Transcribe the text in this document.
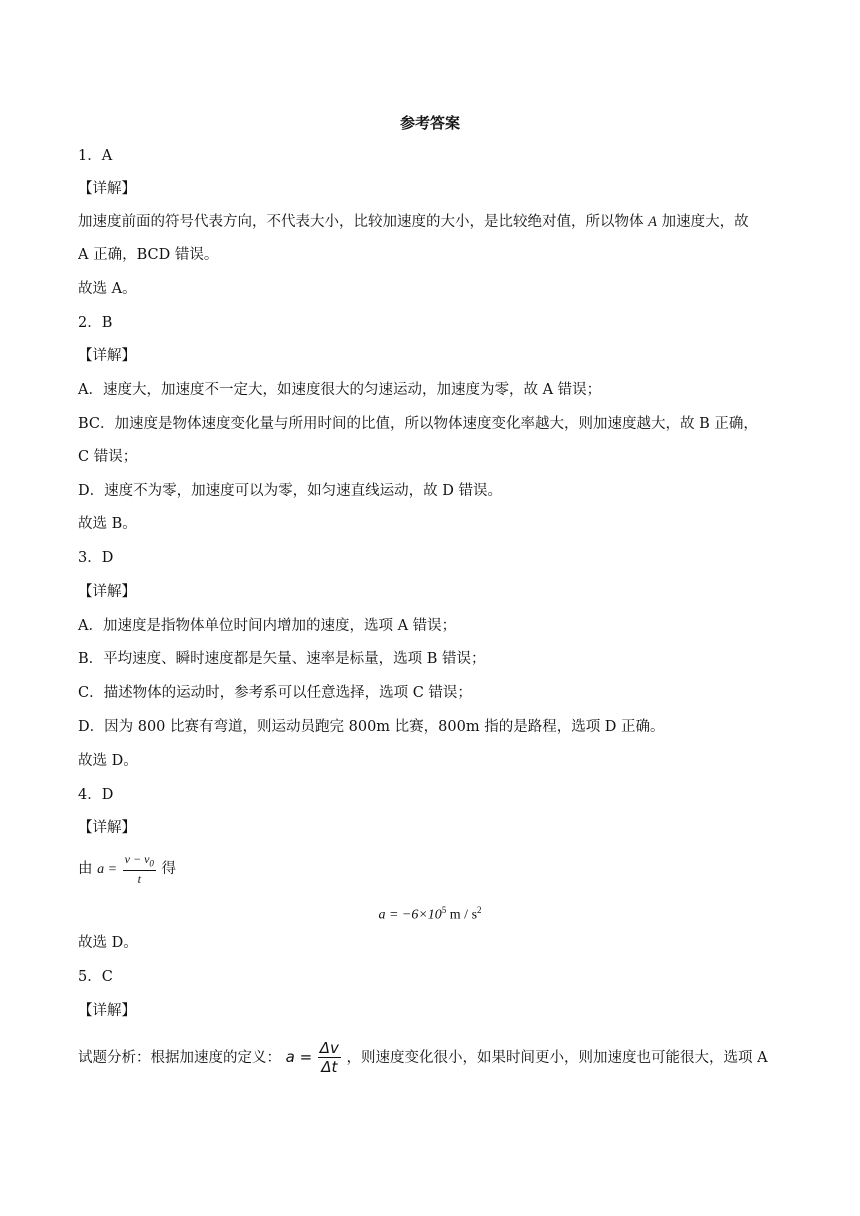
参考答案
1．A
【详解】
加速度前面的符号代表方向，不代表大小，比较加速度的大小，是比较绝对值，所以物体 A 加速度大，故
A 正确，BCD 错误。
故选 A。
2．B
【详解】
A．速度大，加速度不一定大，如速度很大的匀速运动，加速度为零，故 A 错误；
BC．加速度是物体速度变化量与所用时间的比值，所以物体速度变化率越大，则加速度越大，故 B 正确，
C 错误；
D．速度不为零，加速度可以为零，如匀速直线运动，故 D 错误。
故选 B。
3．D
【详解】
A．加速度是指物体单位时间内增加的速度，选项 A 错误；
B．平均速度、瞬时速度都是矢量、速率是标量，选项 B 错误；
C．描述物体的运动时，参考系可以任意选择，选项 C 错误；
D．因为 800 比赛有弯道，则运动员跑完 800m 比赛，800m 指的是路程，选项 D 正确。
故选 D。
4．D
【详解】
由 $a = \frac{v - v_0}{t}$ 得
$a = -6\times 10^5$ m / $s^2$
故选 D。
5．C
【详解】
试题分析：根据加速度的定义： $a = \frac{\Delta v}{\Delta t}$ ，则速度变化很小，如果时间更小，则加速度也可能很大，选项 A
